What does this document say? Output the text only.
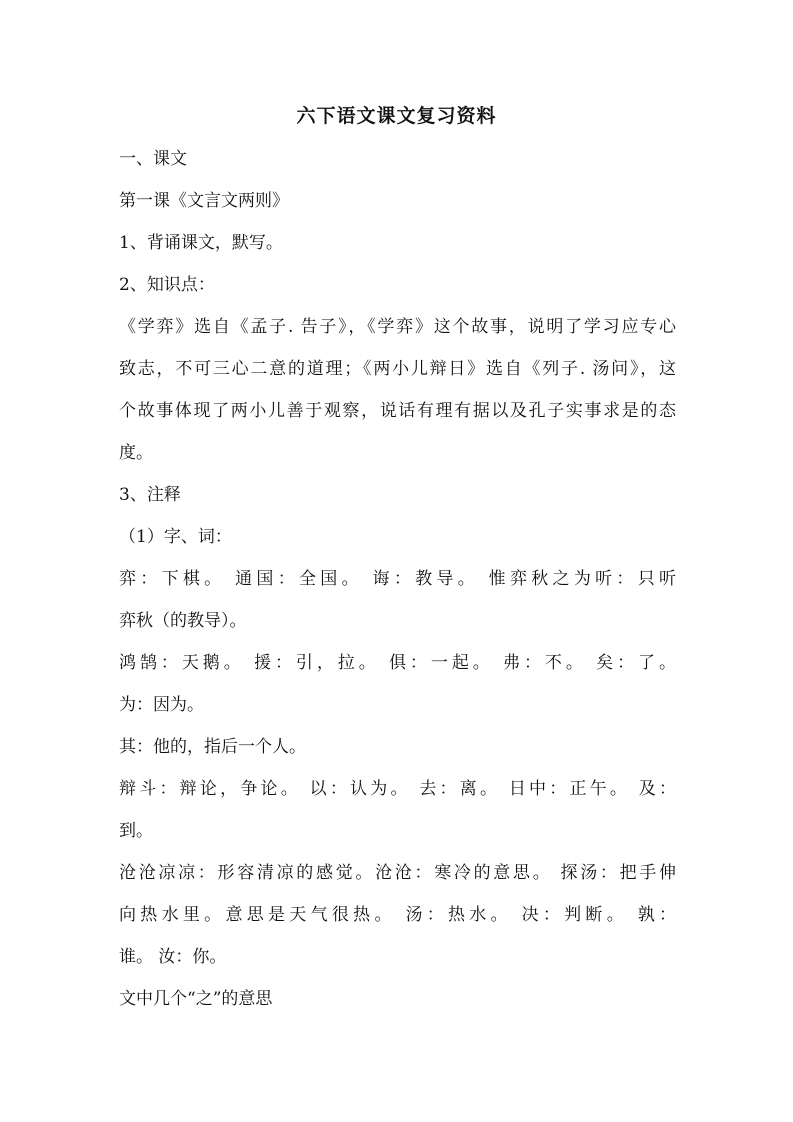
六下语文课文复习资料
一、课文
第一课《文言文两则》
1、背诵课文，默写。
2、知识点：
《学弈》选自《孟子. 告子》，《学弈》这个故事，说明了学习应专心
致志，不可三心二意的道理；《两小儿辩日》选自《列子. 汤问》，这
个故事体现了两小儿善于观察，说话有理有据以及孔子实事求是的态
度。
3、注释
（1）字、词：
弈：下棋。 通国：全国。 诲：教导。 惟弈秋之为听：只听
弈秋（的教导）。
鸿鹄：天鹅。 援：引，拉。 俱：一起。 弗：不。 矣：了。
为：因为。
其：他的，指后一个人。
辩斗：辩论，争论。 以：认为。 去：离。 日中：正午。 及：
到。
沧沧凉凉：形容清凉的感觉。沧沧：寒冷的意思。 探汤：把手伸
向热水里。意思是天气很热。 汤：热水。 决：判断。 孰：
谁。 汝：你。
文中几个“之”的意思
